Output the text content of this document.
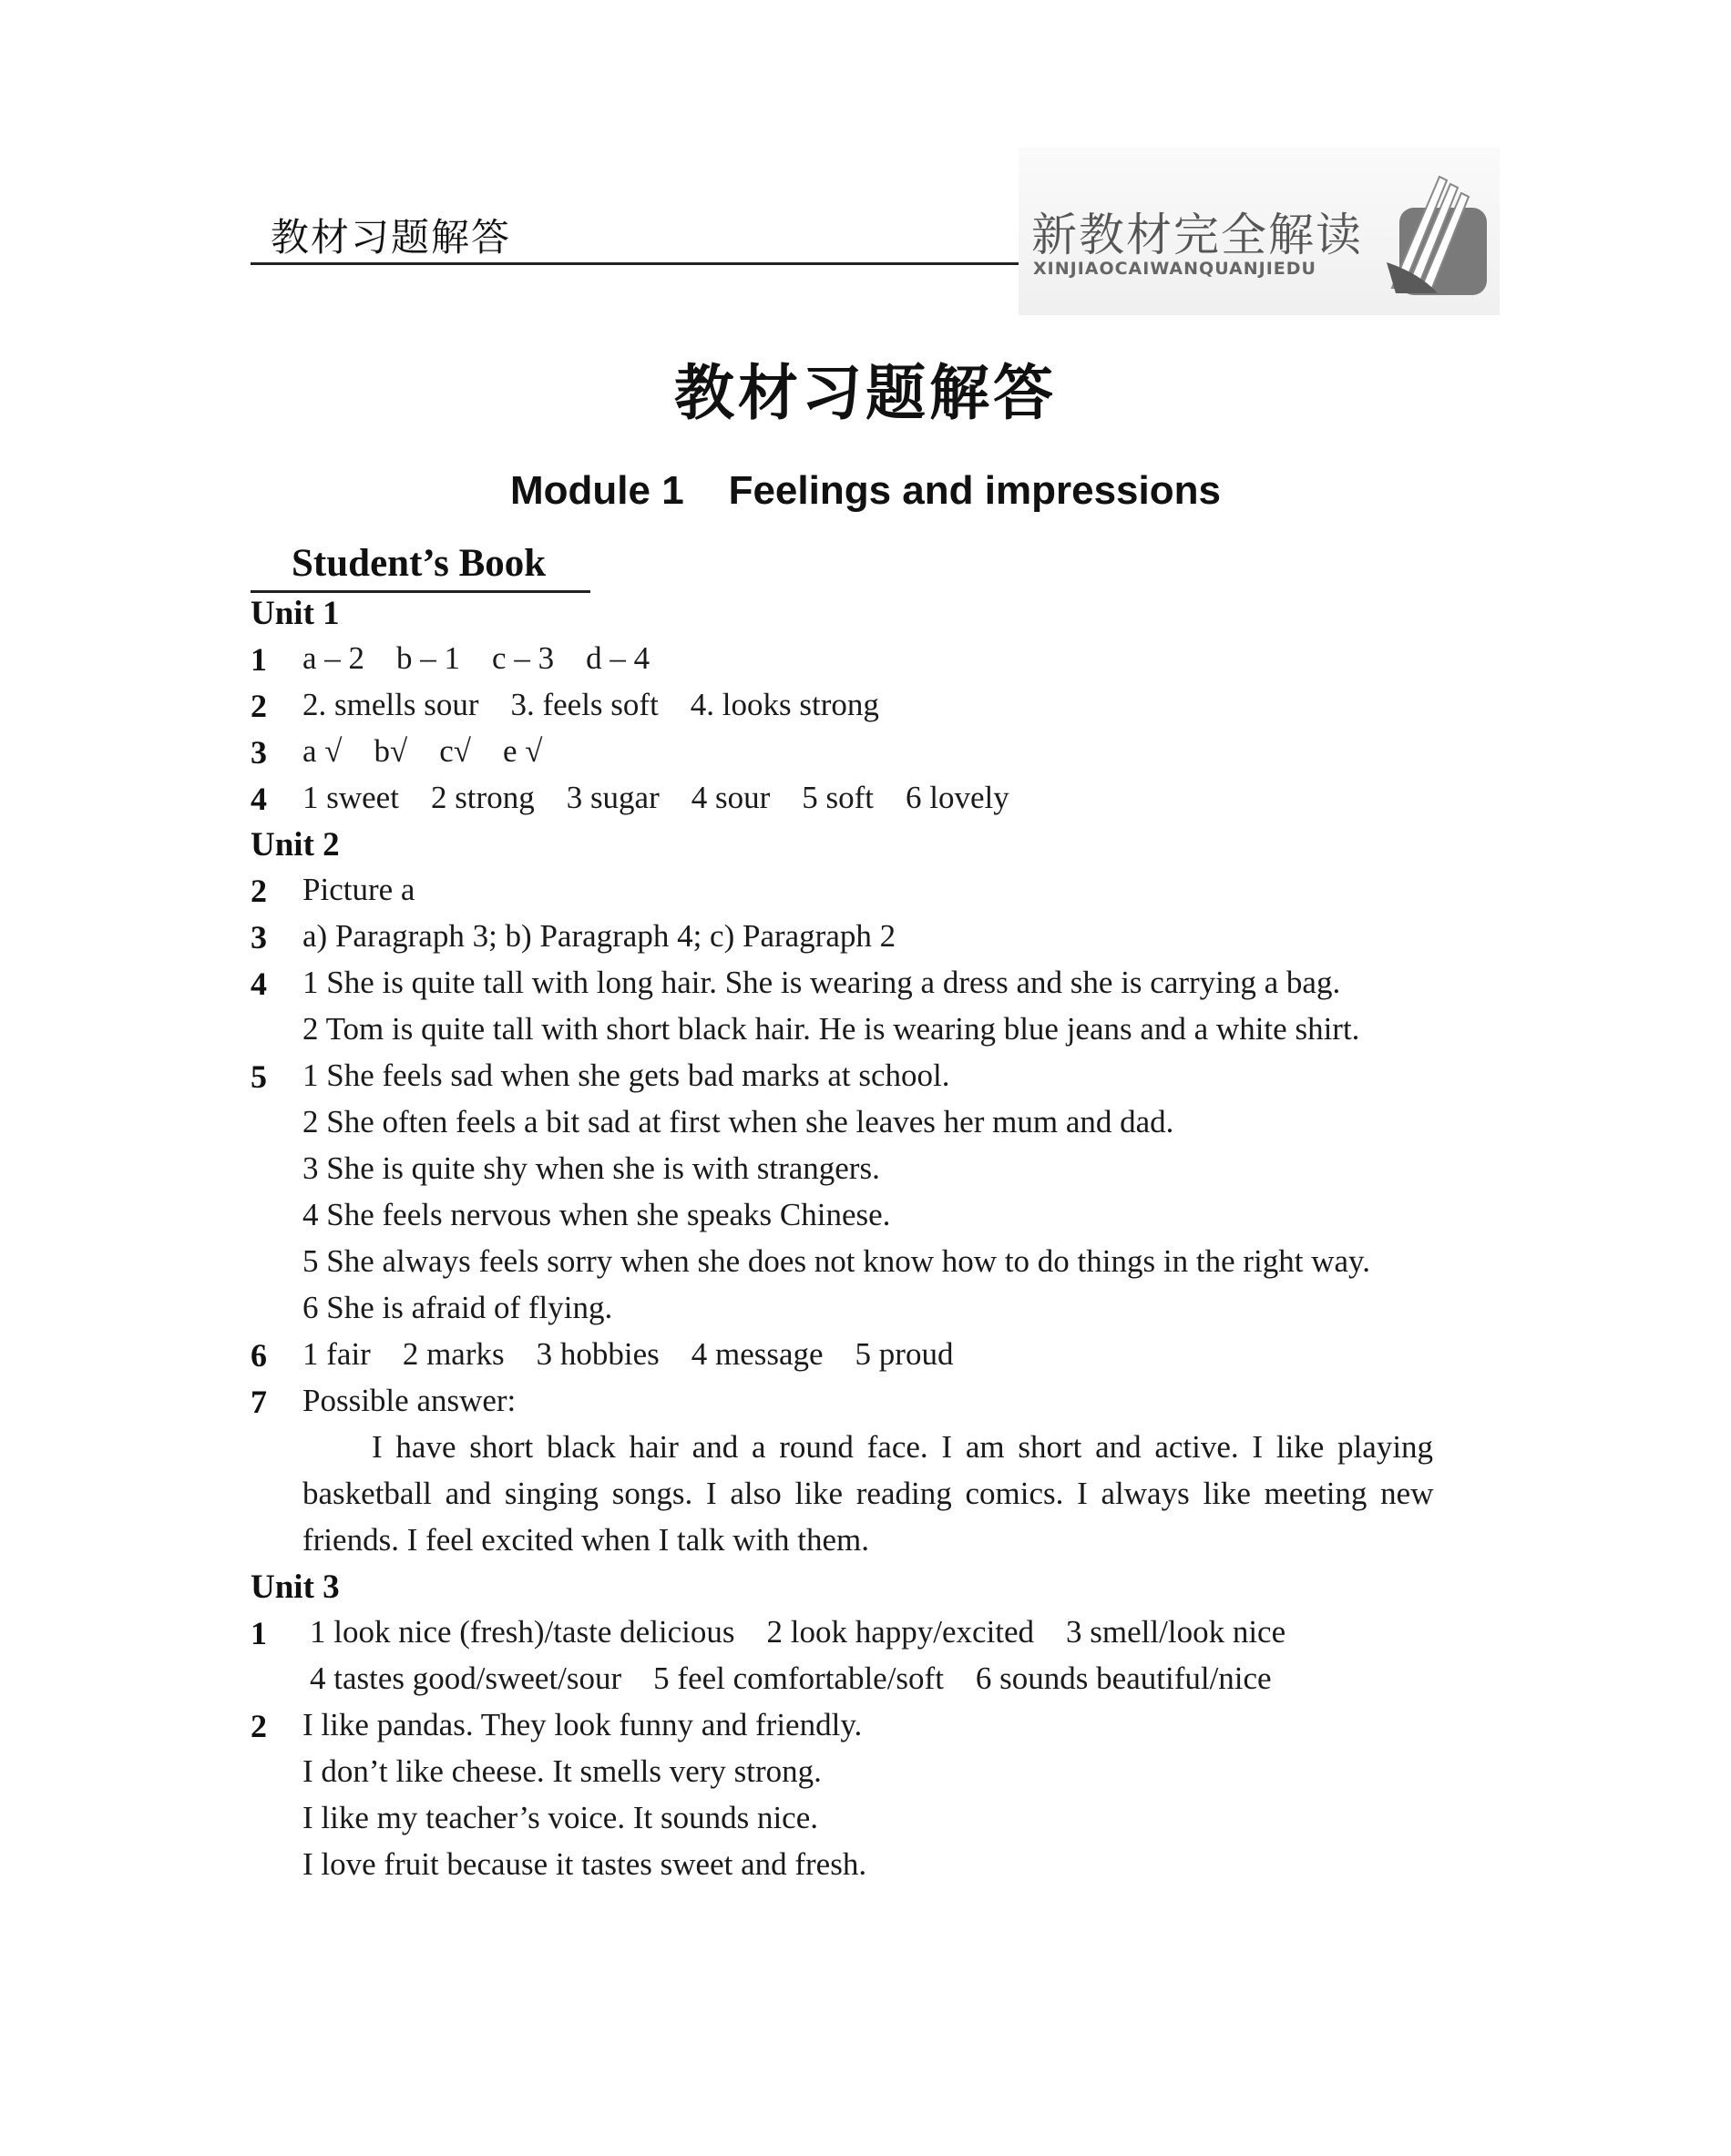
教材习题解答	新教材完全解读
XINJIAOCAIWANQUANJIEDU
教材习题解答
Module 1    Feelings and impressions
Student’s Book
Unit 1
1 a – 2    b – 1    c – 3    d – 4
2 2. smells sour    3. feels soft    4. looks strong
3 a √    b√    c√    e √
4 1 sweet    2 strong    3 sugar    4 sour    5 soft    6 lovely
Unit 2
2 Picture a
3 a) Paragraph 3; b) Paragraph 4; c) Paragraph 2
4 1 She is quite tall with long hair. She is wearing a dress and she is carrying a bag.
2 Tom is quite tall with short black hair. He is wearing blue jeans and a white shirt.
5 1 She feels sad when she gets bad marks at school.
2 She often feels a bit sad at first when she leaves her mum and dad.
3 She is quite shy when she is with strangers.
4 She feels nervous when she speaks Chinese.
5 She always feels sorry when she does not know how to do things in the right way.
6 She is afraid of flying.
6 1 fair    2 marks    3 hobbies    4 message    5 proud
7 Possible answer:
I have short black hair and a round face. I am short and active. I like playing
basketball and singing songs. I also like reading comics. I always like meeting new
friends. I feel excited when I talk with them.
Unit 3
1 1 look nice (fresh)/taste delicious    2 look happy/excited    3 smell/look nice
4 tastes good/sweet/sour    5 feel comfortable/soft    6 sounds beautiful/nice
2 I like pandas. They look funny and friendly.
I don’t like cheese. It smells very strong.
I like my teacher’s voice. It sounds nice.
I love fruit because it tastes sweet and fresh.
